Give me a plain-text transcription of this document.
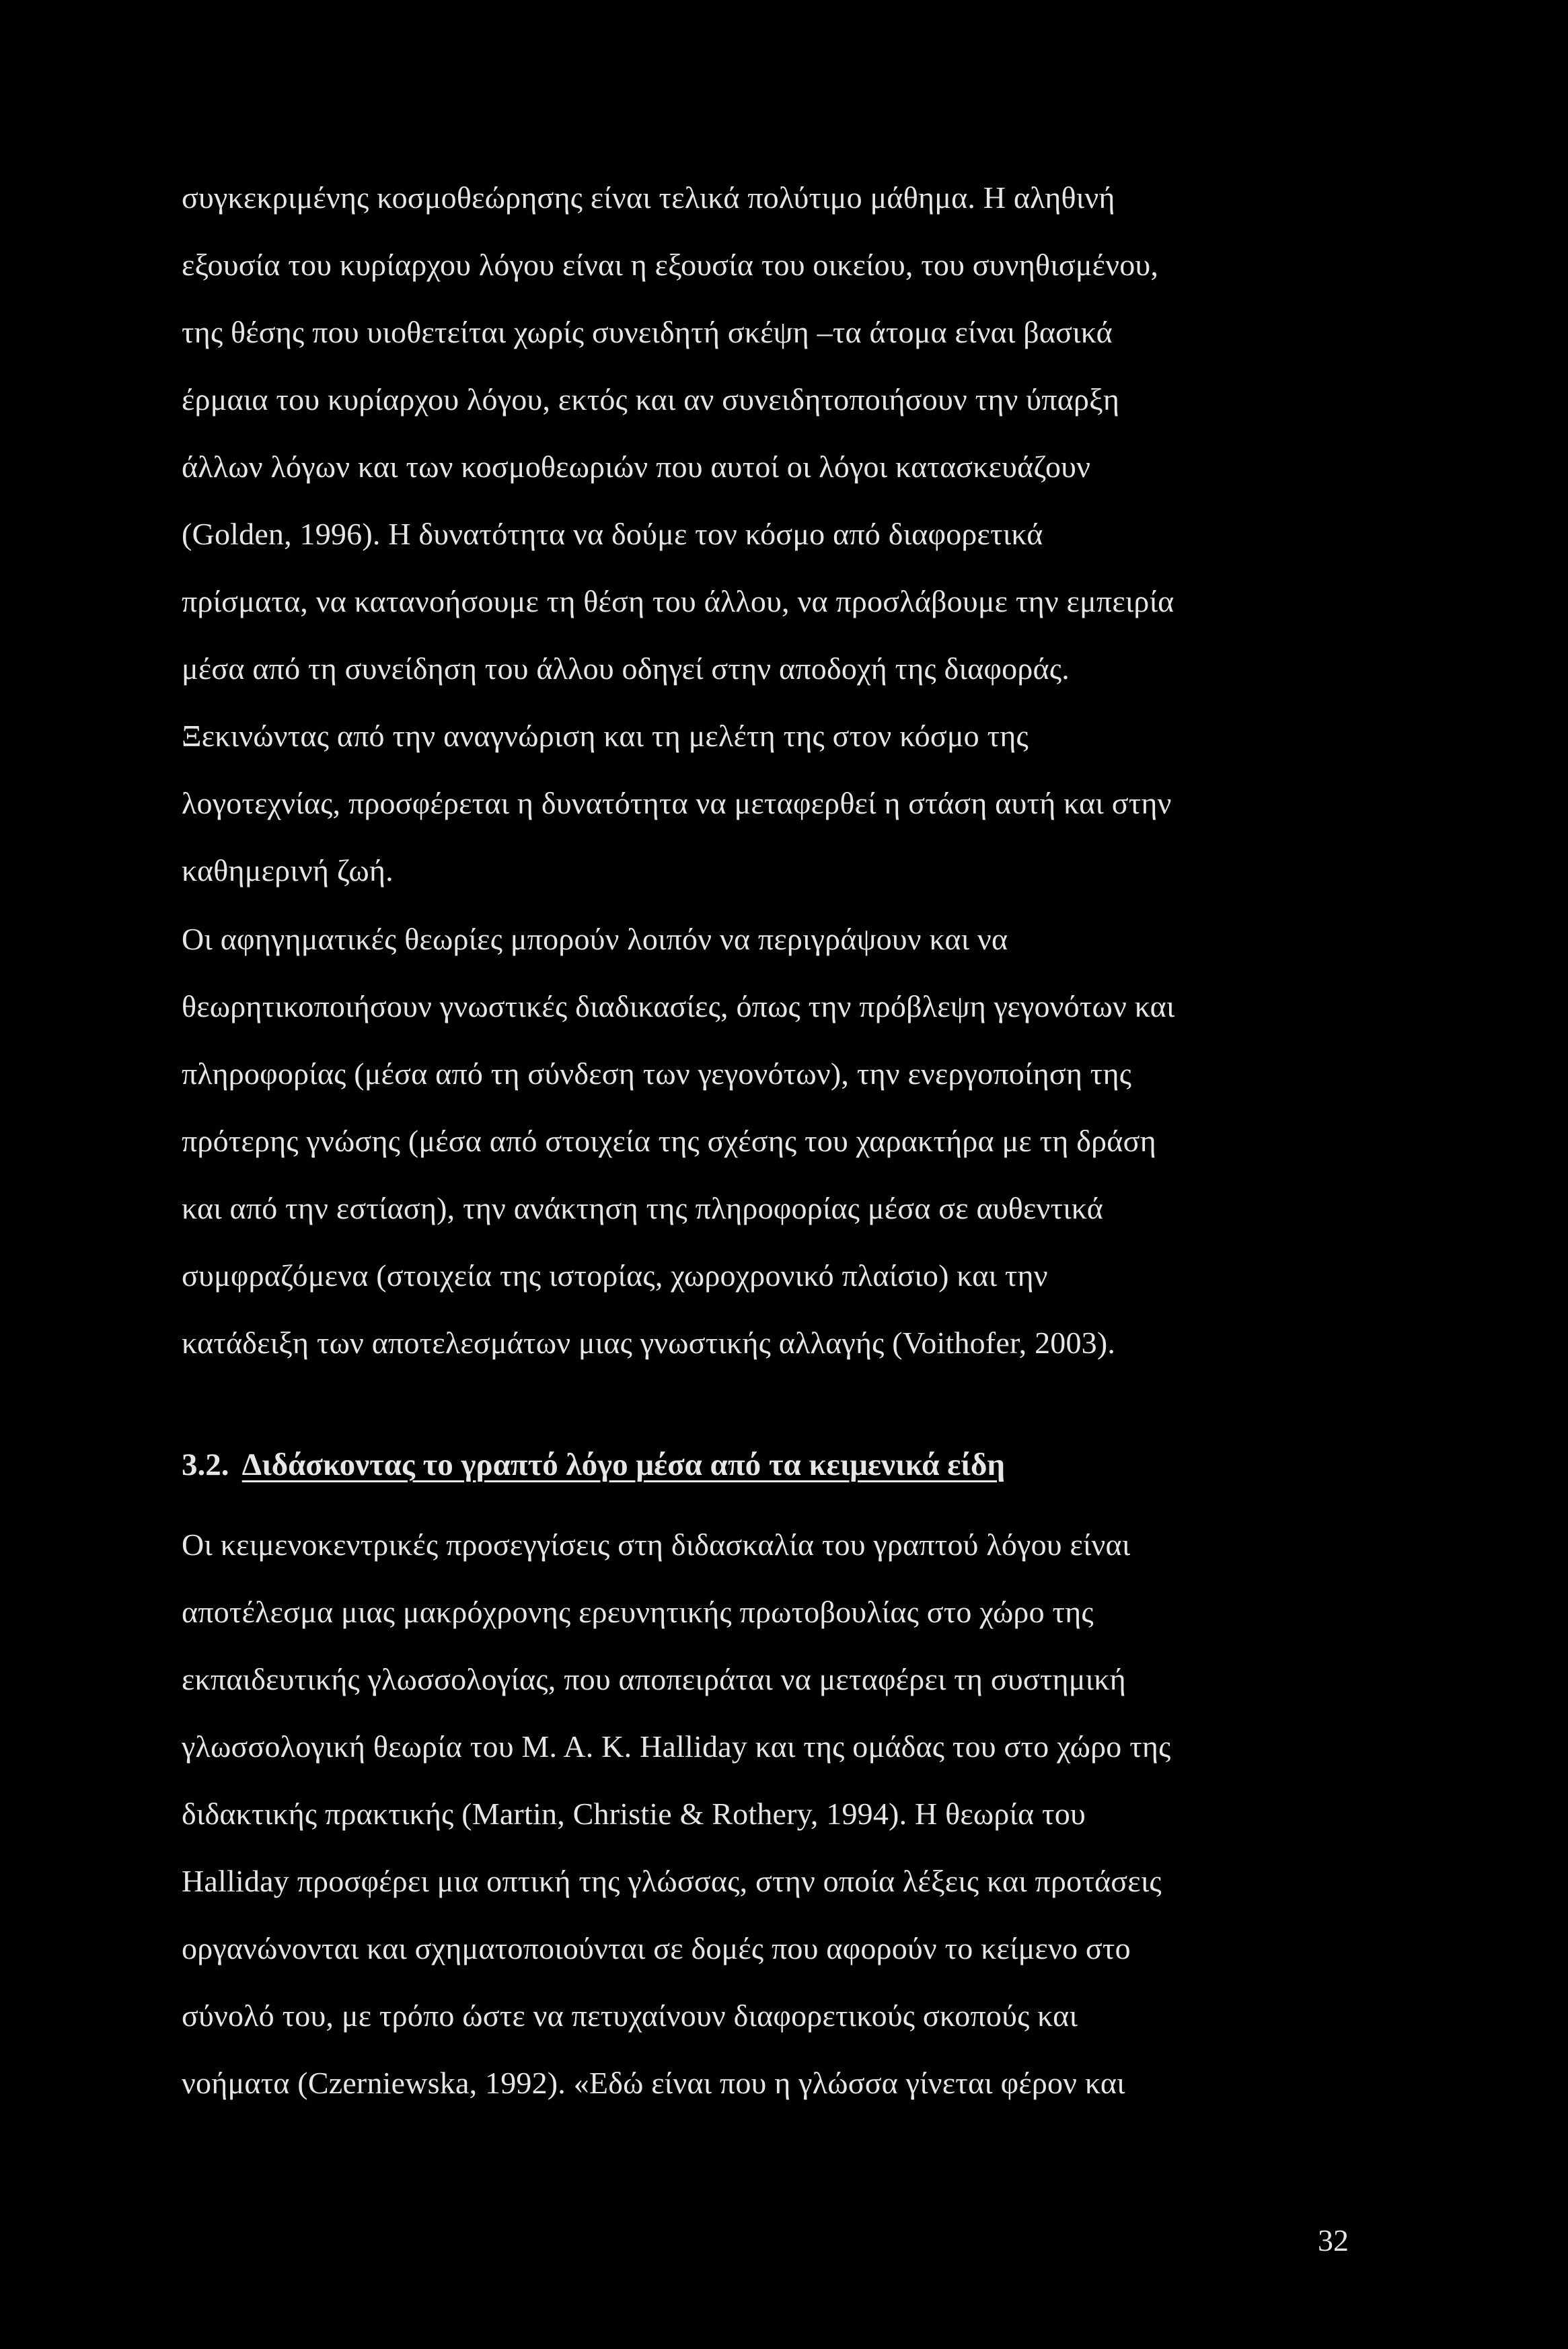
συγκεκριμένης κοσμοθεώρησης είναι τελικά πολύτιμο μάθημα. Η αληθινή

εξουσία του κυρίαρχου λόγου είναι η εξουσία του οικείου, του συνηθισμένου,

της θέσης που υιοθετείται χωρίς συνειδητή σκέψη –τα άτομα είναι βασικά

έρμαια του κυρίαρχου λόγου, εκτός και αν συνειδητοποιήσουν την ύπαρξη

άλλων λόγων και των κοσμοθεωριών που αυτοί οι λόγοι κατασκευάζουν

(Golden, 1996). Η δυνατότητα να δούμε τον κόσμο από διαφορετικά

πρίσματα, να κατανοήσουμε τη θέση του άλλου, να προσλάβουμε την εμπειρία

μέσα από τη συνείδηση του άλλου οδηγεί στην αποδοχή της διαφοράς.

Ξεκινώντας από την αναγνώριση και τη μελέτη της στον κόσμο της

λογοτεχνίας, προσφέρεται η δυνατότητα να μεταφερθεί η στάση αυτή και στην

καθημερινή ζωή.

Οι αφηγηματικές θεωρίες μπορούν λοιπόν να περιγράψουν και να

θεωρητικοποιήσουν γνωστικές διαδικασίες, όπως την πρόβλεψη γεγονότων και

πληροφορίας (μέσα από τη σύνδεση των γεγονότων), την ενεργοποίηση της

πρότερης γνώσης (μέσα από στοιχεία της σχέσης του χαρακτήρα με τη δράση

και από την εστίαση), την ανάκτηση της πληροφορίας μέσα σε αυθεντικά

συμφραζόμενα (στοιχεία της ιστορίας, χωροχρονικό πλαίσιο) και την

κατάδειξη των αποτελεσμάτων μιας γνωστικής αλλαγής (Voithofer, 2003).

3.2. Διδάσκοντας το γραπτό λόγο μέσα από τα κειμενικά είδη

Οι κειμενοκεντρικές προσεγγίσεις στη διδασκαλία του γραπτού λόγου είναι

αποτέλεσμα μιας μακρόχρονης ερευνητικής πρωτοβουλίας στο χώρο της

εκπαιδευτικής γλωσσολογίας, που αποπειράται να μεταφέρει τη συστημική

γλωσσολογική θεωρία του M. A. K. Halliday και της ομάδας του στο χώρο της

διδακτικής πρακτικής (Martin, Christie & Rothery, 1994). Η θεωρία του

Halliday προσφέρει μια οπτική της γλώσσας, στην οποία λέξεις και προτάσεις

οργανώνονται και σχηματοποιούνται σε δομές που αφορούν το κείμενο στο

σύνολό του, με τρόπο ώστε να πετυχαίνουν διαφορετικούς σκοπούς και

νοήματα (Czerniewska, 1992). «Εδώ είναι που η γλώσσα γίνεται φέρον και

32
